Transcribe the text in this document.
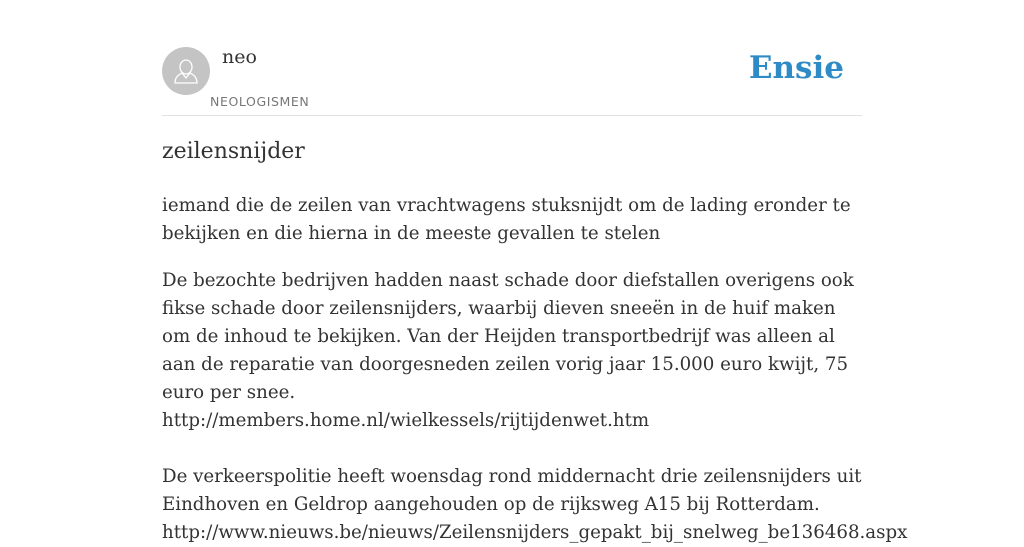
neo
NEOLOGISMEN
Ensie
zeilensnijder

iemand die de zeilen van vrachtwagens stuksnijdt om de lading eronder te bekijken en die hierna in de meeste gevallen te stelen

De bezochte bedrijven hadden naast schade door diefstallen overigens ook fikse schade door zeilensnijders, waarbij dieven sneeën in de huif maken om de inhoud te bekijken. Van der Heijden transportbedrijf was alleen al aan de reparatie van doorgesneden zeilen vorig jaar 15.000 euro kwijt, 75 euro per snee.
http://members.home.nl/wielkessels/rijtijdenwet.htm
De verkeerspolitie heeft woensdag rond middernacht drie zeilensnijders uit Eindhoven en Geldrop aangehouden op de rijksweg A15 bij Rotterdam.
http://www.nieuws.be/nieuws/Zeilensnijders_gepakt_bij_snelweg_be136468.aspx
